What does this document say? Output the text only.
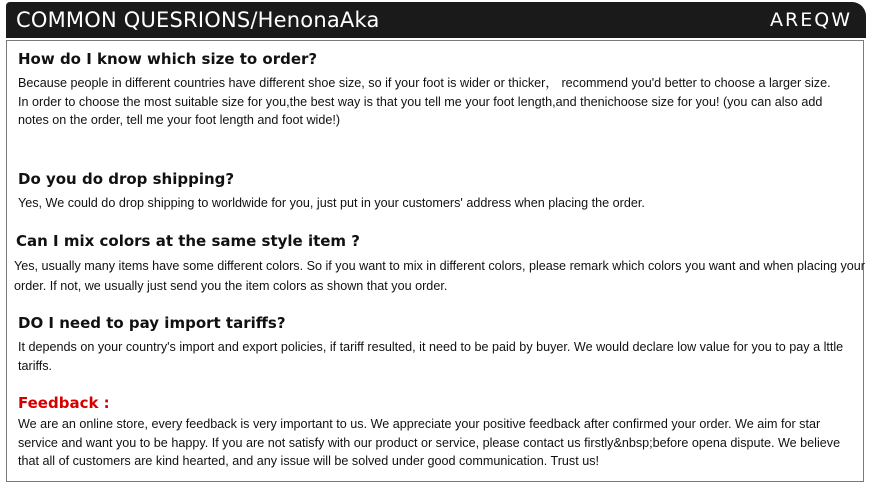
COMMON QUESRIONS/HenonaAka	AREQW
How do I know which size to order?

Because people in different countries have different shoe size, so if your foot is wider or thicker， recommend you'd better to choose a larger size.

In order to choose the most suitable size for you,the best way is that you tell me your foot length,and thenichoose size for you! (you can also add notes on the order, tell me your foot length and foot wide!)

Do you do drop shipping?

Yes, We could do drop shipping to worldwide for you, just put in your customers' address when placing the order.

Can I mix colors at the same style item ?

Yes, usually many items have some different colors. So if you want to mix in different colors, please remark which colors you want and when placing your order. If not, we usually just send you the item colors as shown that you order.

DO I need to pay import tariffs?

It depends on your country's import and export policies, if tariff resulted, it need to be paid by buyer. We would declare low value for you to pay a lttle tariffs.

Feedback :

We are an online store, every feedback is very important to us. We appreciate your positive feedback after confirmed your order. We aim for star service and want you to be happy. If you are not satisfy with our product or service, please contact us firstly&nbsp;before opena dispute. We believe that all of customers are kind hearted, and any issue will be solved under good communication. Trust us!
